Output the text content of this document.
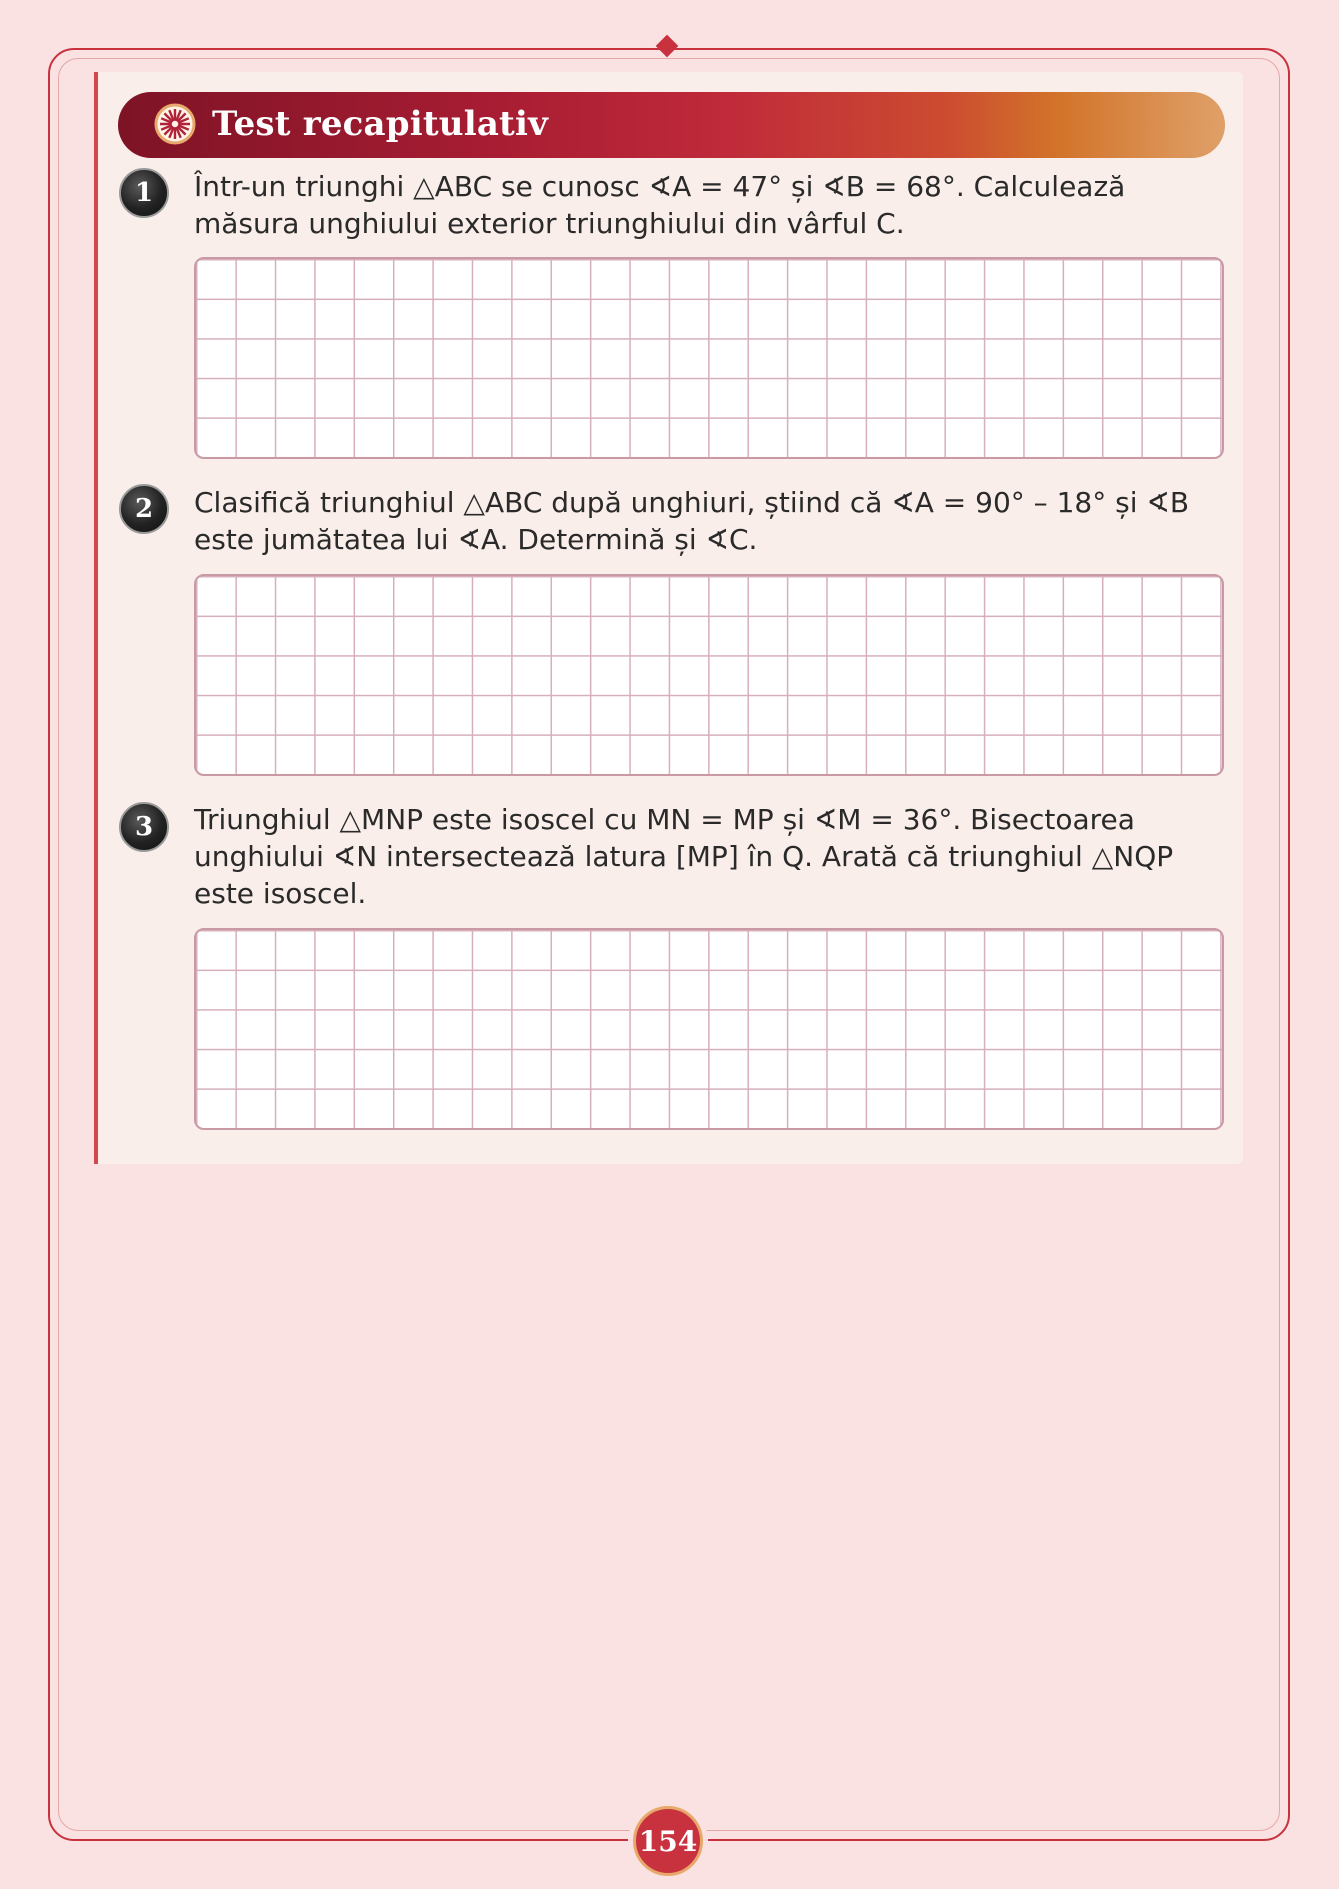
Test recapitulativ
1	Într-un triunghi △ABC se cunosc ∢A = 47° și ∢B = 68°. Calculează
măsura unghiului exterior triunghiului din vârful C.

2	Clasifică triunghiul △ABC după unghiuri, știind că ∢A = 90° – 18° și ∢B
este jumătatea lui ∢A. Determină și ∢C.

3	Triunghiul △MNP este isoscel cu MN = MP și ∢M = 36°. Bisectoarea
unghiului ∢N intersectează latura [MP] în Q. Arată că triunghiul △NQP
este isoscel.

154
